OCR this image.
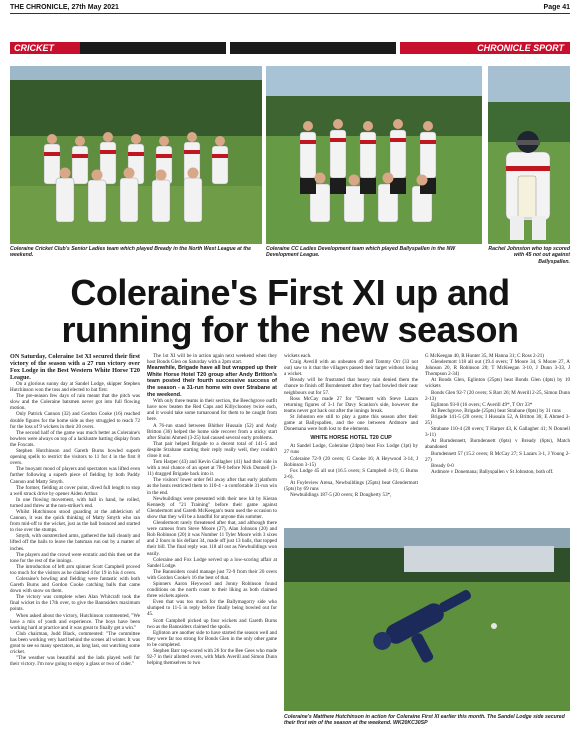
THE CHRONICLE, 27th May 2021	Page 41
CRICKET	CHRONICLE SPORT
Coleraine Cricket Club's Senior Ladies team which played Bready in the North West League at the weekend.
Coleraine CC Ladies Development team which played Ballyspallen in the NW Development League.
Rachel Johnston who top scored with 45 not out against Ballyspallen.
Coleraine's First XI up and running for the new season

ON Saturday, Coleraine 1st XI secured their first victory of the season with a 27 run victory over Fox Lodge in the Best Western White Horse T20 League.

On a glorious sunny day at Sandel Lodge, skipper Stephen Hutchinson won the toss and elected to bat first.

The pre-season few days of rain meant that the pitch was slow and the Coleraine batsmen never got into full flowing motion.

Only Patrick Cannon (32) and Gordon Cooke (16) reached double figures for the home side as they struggled to reach 72 for the loss of 9 wickets in their 20 overs.

The second half of the game was much better as Coleraine's bowlers were always on top of a lacklustre batting display from the Foxcats.

Stephen Hutchinson and Gareth Burns bowled superb opening spells to restrict the visitors to 11 for 4 in the first 8 overs.

The buoyant mood of players and spectators was lifted even further following a superb piece of fielding by both Paddy Cannon and Matty Smyth.

The former, fielding at cover point, dived full length to stop a well struck drive by opener Aiden Arthur.

In one flowing movement, with ball in hand, he rolled, turned and threw at the non-striker's end.

Whilst Hutchinson stood guarding at the athleticism of Cannon, it was the quick thinking of Matty Smyth who ran from mid-off to the wicket, just as the ball bounced and started to rise over the stumps.

Smyth, with outstretched arms, gathered the ball cleanly and lifted off the bails to leave the batsman run out by a matter of inches.

The players and the crowd were ecstatic and this then set the tone for the rest of the innings.

The introduction of left arm spinner Scott Campbell proved too much for the visitors as he claimed 4 for 19 in his 4 overs.

Coleraine's bowling and fielding were fantastic with both Gareth Burns and Gordon Cooke catching balls that came down with snow on them.

The victory was complete when Alan Whitcraft took the final wicket in the 17th over, to give the Bannsiders maximum points.

When asked about the victory, Hutchinson commented, "We have a mix of youth and experience. The boys have been working hard at practice and it was great to finally get a win."

Club chairman, Judd Black, commented: "The committee has been working very hard behind the scenes all winter. It was great to see so many spectators, as long last, out watching some cricket.

"The weather was beautiful and the lads played well for their victory. I'm now going to enjoy a glass or two of cider."

The 1st XI will be in action again next weekend when they host Bonds Glen on Saturday with a 2pm start.

Meanwhile, Brigade have all but wrapped up their White Horse Hotel T20 group after Andy Britton's team posted their fourth successive success of the season - a 31-run home win over Strabane at the weekend.

With only three teams in their section, the Beechgrove outfit have now beaten the Red Caps and Killyclooney twice each, and it would take some turnaround for them to be caught from here.

A 76-run stand between Bhither Hussain (52) and Andy Britton (36) helped the home side recover from a sticky start after Shaini Ahmed (3-25) had caused several early problems.

That pair helped Brigade to a decent total of 141-5 and despite Strabane starting their reply really well, they couldn't close it out.

Tom Harper (43) and Kevin Gallagher (41) had their side in with a real chance of an upset at 78-0 before Nick Donnell (3-11) dragged Brigade back into it.

The visitors' lower order fell away after that early platform as the hosts restricted them to 110-4 - a comfortable 31-run win in the end.

Newbuildings were presented with their new kit by Kieran Kennedy of "21 Training" before their game against Glendermott and Gareth McKeegan's team used the occasion to show that they will be a handful for anyone this summer.

Glendermott rarely threatened after that, and although there were cameos from Steve Moore (27), Alan Johnson (20) and Rob Robinson (20) it was Number 11 Tyler Moore with 3 sixes and 2 fours in his defiant 34, made off just 13 balls, that topped their bill. The final reply was 118 all out as Newbuildings won easily.

Coleraine and Fox Lodge served up a low-scoring affair at Sandel Lodge.

The Bannsiders could manage just 72-9 from their 20 overs with Gordon Cooke's 16 the best of that.

Spinners Aaron Heywood and Jonny Robinson found conditions on the north coast to their liking as both claimed three wickets apiece.

Even that was too much for the Ballymagorry side who slumped to 11-5 in reply before finally being bowled out for 45.

Scott Campbell picked up four wickets and Gareth Burns two as the Bannsiders claimed the spoils.

Eglinton are another side to have started the season well and they were far too strong for Bonds Glen in the only other game to be completed.

Stephen Barr top-scored with 26 for the Bee Gees who made 92-7 in their allotted overs, with Mark Averill and Simon Dunn helping themselves to two

wickets each.

Craig Averill with an unbeaten 49 and Tommy Orr (33 not out) saw to it that the villagers passed their target without losing a wicket.

Bready will be frustrated that heavy rain denied them the chance to finish off Burndennett after they had bowled their near neighbours out for 57.

Ross McCay made 27 for "Dennett with Steve Lazars returning figures of 3-1 for Davy Scanlon's side, however the teams never got back out after the innings break.

St Johnston ere still to play a game this season after their game at Ballyspallen, and the one between Ardmore and Donemana were both lost to the elements.

WHITE HORSE HOTEL T20 CUP

At Sandel Lodge, Coleraine (24pts) beat Fox Lodge (1pt) by 27 runs

Coleraine 72-9 (20 overs; G Cooke 16; A Heywood 3-14, J Robinson 3-15)

Fox Lodge 45 all out (16.5 overs; S Campbell 4-19, G Burns 2-6).

At Foyleview Arena, Newbuildings (25pts) beat Glendermott (5pts) by 69 runs

Newbuildings 187-5 (20 overs; R Dougherty 53*,

G McKeegan 40, R Hunter 35, M Hanna 31; C Ross 2-21)

Glendermott 118 all out (19.4 overs; T Moore 34, S Moore 27, A Johnson 20, R Robinson 20; T McKeegan 3-10, J Dunn 3-33, J Thompson 2-34)

At Bonds Glen, Eglinton (25pts) beat Bonds Glen (4pts) by 10 wickets

Bonds Glen 92-7 (20 overs; S Barr 26; M Averill 2-25, Simon Dunn 2-13)

Eglinton 93-0 (16 overs; C Averill 49*, T Orr 33*

At Beechgrove, Brigade (25pts) beat Strabane (0pts) by 31 runs

Brigade 141-5 (20 overs; I Hussain 52, A Britton 36; E Ahmed 3-25)

Strabane 110-4 (20 overs; T Harper 43, K Gallagher 41; N Donnell 3-11)

At Burndennett, Burndennett (6pts) v Bready (6pts), Match abandoned

Burndennett 57 (15.2 overs; R McCay 27; S Lazars 3-1, J Young 2-27)

Bready 0-0

Ardmore v Donemana; Ballyspallen v St Johnston, both off.

Coleraine's Matthew Hutchinson in action for Coleraine First XI earlier this month. The Sandel Lodge side secured their first win of the season at the weekend. WK20KC30SP
